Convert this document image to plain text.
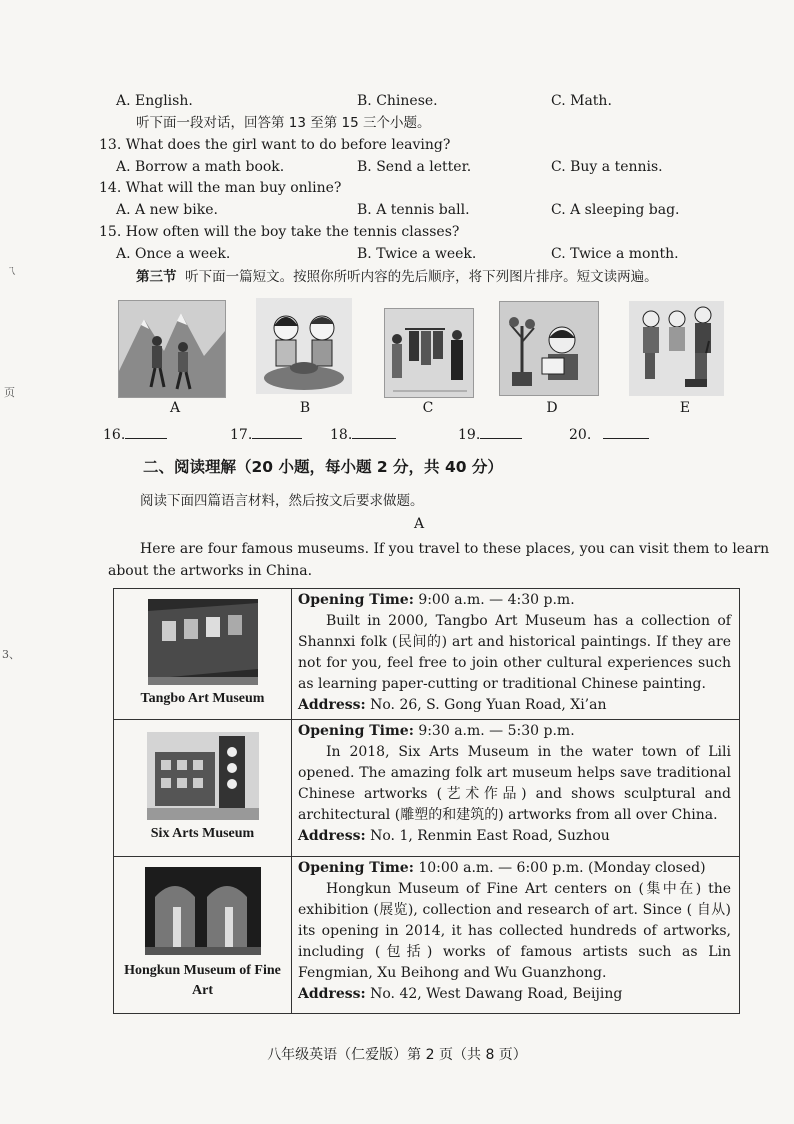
ㄟ
页
3、
A. English.	B. Chinese.	C. Math.
听下面一段对话，回答第 13 至第 15 三个小题。
13. What does the girl want to do before leaving?
A. Borrow a math book.	B. Send a letter.	C. Buy a tennis.
14. What will the man buy online?
A. A new bike.	B. A tennis ball.	C. A sleeping bag.
15. How often will the boy take the tennis classes?
A. Once a week.	B. Twice a week.	C. Twice a month.
第三节 听下面一篇短文。按照你所听内容的先后顺序，将下列图片排序。短文读两遍。
A	B	C	D	E
16.	17.	18.	19.	20.
二、阅读理解（20 小题，每小题 2 分，共 40 分）
阅读下面四篇语言材料，然后按文后要求做题。
A
Here are four famous museums. If you travel to these places, you can visit them to learn
about the artworks in China.
Tangbo Art Museum	Opening Time: 9:00 a.m. — 4:30 p.m.
Built in 2000, Tangbo Art Museum has a collection of Shannxi folk (民间的) art and historical paintings. If they are not for you, feel free to join other cultural experiences such as learning paper-cutting or traditional Chinese painting.
Address: No. 26, S. Gong Yuan Road, Xi’an

Six Arts Museum	Opening Time: 9:30 a.m. — 5:30 p.m.
In 2018, Six Arts Museum in the water town of Lili opened. The amazing folk art museum helps save traditional Chinese artworks (艺术作品) and shows sculptural and architectural (雕塑的和建筑的) artworks from all over China.
Address: No. 1, Renmin East Road, Suzhou

Hongkun Museum of Fine Art	Opening Time: 10:00 a.m. — 6:00 p.m. (Monday closed)
Hongkun Museum of Fine Art centers on (集中在) the exhibition (展览), collection and research of art. Since ( 自从) its opening in 2014, it has collected hundreds of artworks, including (包括) works of famous artists such as Lin Fengmian, Xu Beihong and Wu Guanzhong.
Address: No. 42, West Dawang Road, Beijing
八年级英语（仁爱版）第 2 页（共 8 页）
